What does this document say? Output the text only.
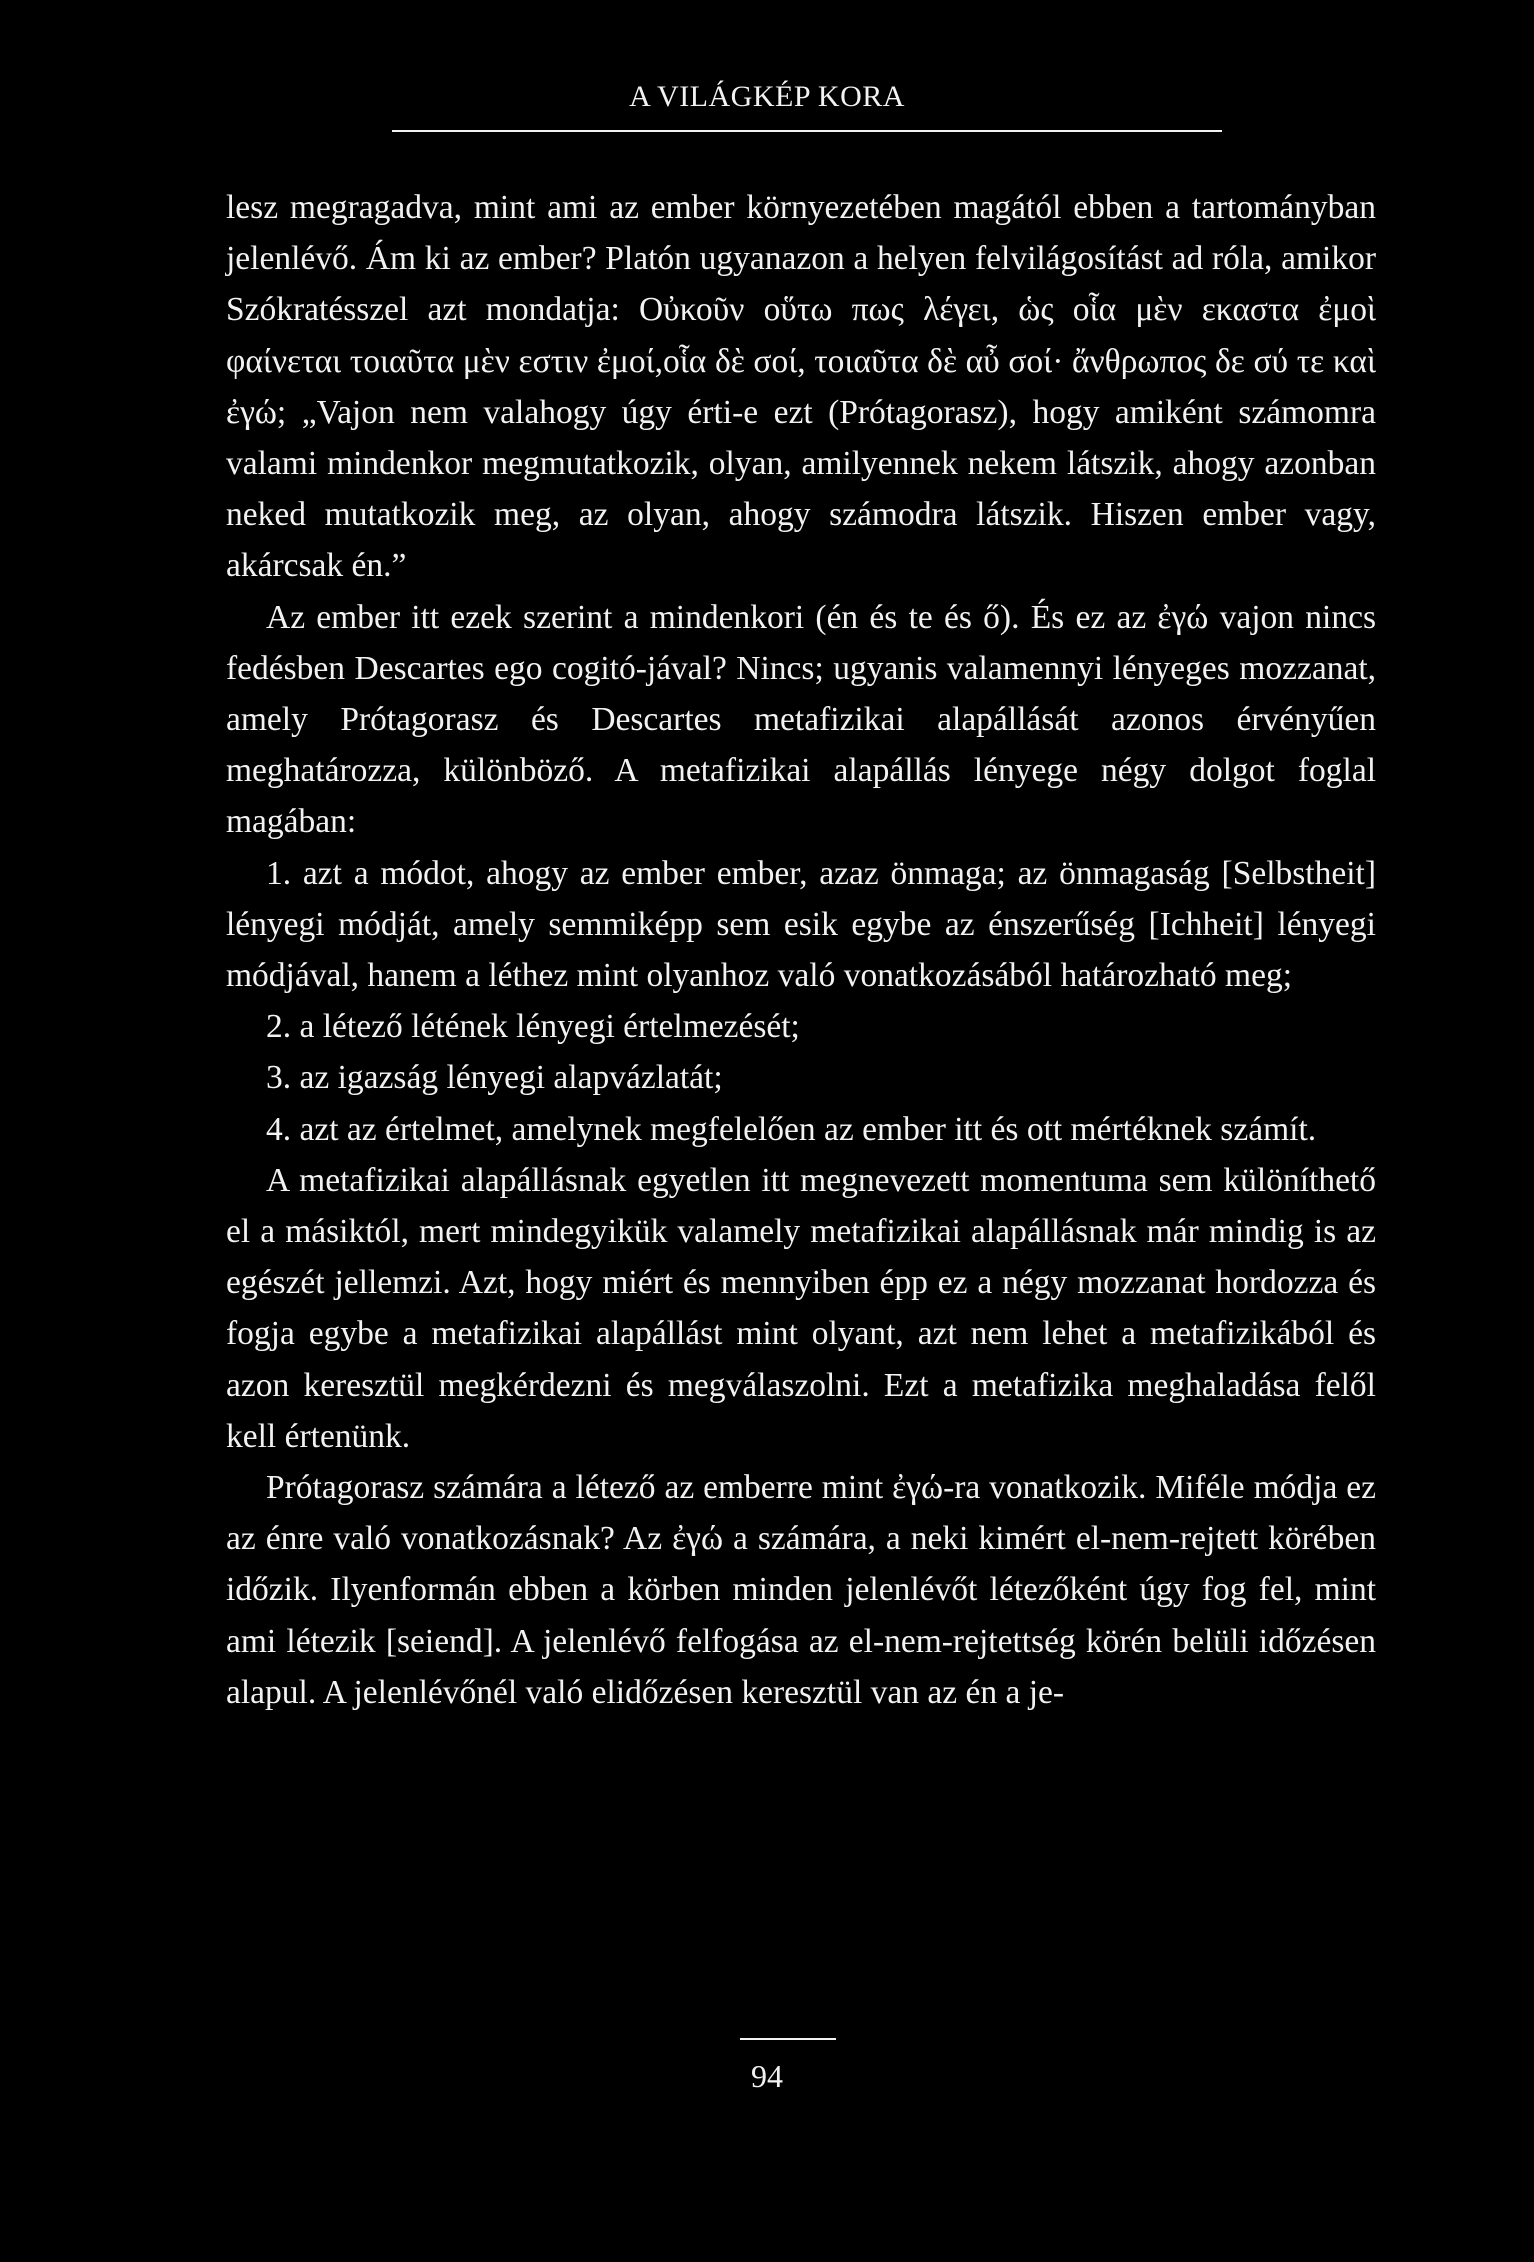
A VILÁGKÉP KORA

lesz megragadva, mint ami az ember környezetében magától ebben a tartományban jelenlévő. Ám ki az ember? Platón ugyanazon a helyen felvilágosítást ad róla, amikor Szókratésszel azt mondatja: Οὐκοῦν οὕτω πως λέγει, ὡς οἷα μὲν εκαστα ἐμοὶ φαίνεται τοιαῦτα μὲν εστιν ἐμοί,οἷα δὲ σοί, τοιαῦτα δὲ αὖ σοί· ἄνθρωπος δε σύ τε καὶ ἐγώ; „Vajon nem valahogy úgy érti-e ezt (Prótagorasz), hogy amiként számomra valami mindenkor megmutatkozik, olyan, amilyennek nekem látszik, ahogy azonban neked mutatkozik meg, az olyan, ahogy számodra látszik. Hiszen ember vagy, akárcsak én.”

Az ember itt ezek szerint a mindenkori (én és te és ő). És ez az ἐγώ vajon nincs fedésben Descartes ego cogitó-jával? Nincs; ugyanis valamennyi lényeges mozzanat, amely Prótagorasz és Descartes metafizikai alapállását azonos érvényűen meghatározza, különböző. A metafizikai alapállás lényege négy dolgot foglal magában:

1. azt a módot, ahogy az ember ember, azaz önmaga; az önmagaság [Selbstheit] lényegi módját, amely semmiképp sem esik egybe az énszerűség [Ichheit] lényegi módjával, hanem a léthez mint olyanhoz való vonatkozásából határozható meg;

2. a létező létének lényegi értelmezését;

3. az igazság lényegi alapvázlatát;

4. azt az értelmet, amelynek megfelelően az ember itt és ott mértéknek számít.

A metafizikai alapállásnak egyetlen itt megnevezett momentuma sem különíthető el a másiktól, mert mindegyikük valamely metafizikai alapállásnak már mindig is az egészét jellemzi. Azt, hogy miért és mennyiben épp ez a négy mozzanat hordozza és fogja egybe a metafizikai alapállást mint olyant, azt nem lehet a metafizikából és azon keresztül megkérdezni és megválaszolni. Ezt a metafizika meghaladása felől kell értenünk.

Prótagorasz számára a létező az emberre mint ἐγώ-ra vonatkozik. Miféle módja ez az énre való vonatkozásnak? Az ἐγώ a számára, a neki kimért el-nem-rejtett körében időzik. Ilyenformán ebben a körben minden jelenlévőt létezőként úgy fog fel, mint ami létezik [seiend]. A jelenlévő felfogása az el-nem-rejtettség körén belüli időzésen alapul. A jelenlévőnél való elidőzésen keresztül van az én a je-

94
